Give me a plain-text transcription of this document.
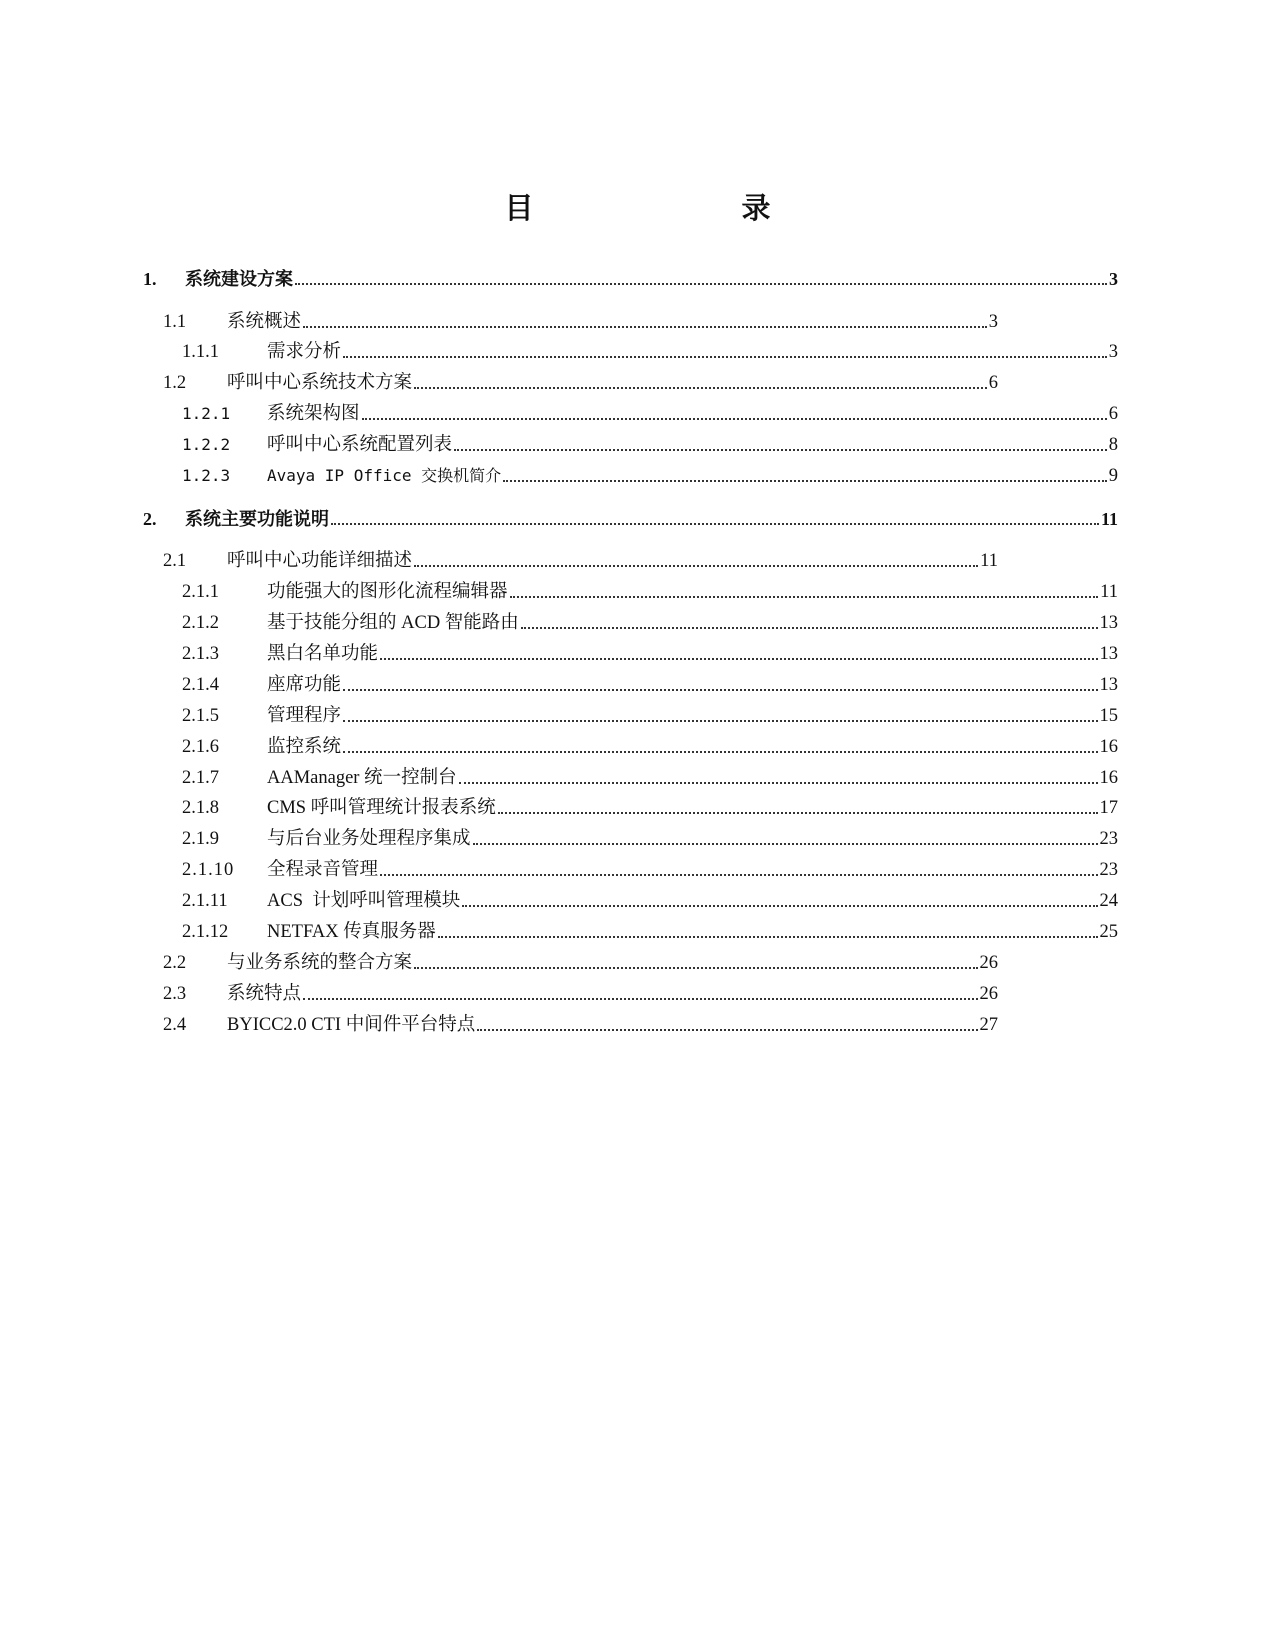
目　　录
1. 系统建设方案	3
1.1 系统概述	3
1.1.1	需求分析	3
1.2 呼叫中心系统技术方案	6
1.2.1 系统架构图	6
1.2.2 呼叫中心系统配置列表	8
1.2.3 Avaya IP Office 交换机简介	9
2. 系统主要功能说明	11
2.1 呼叫中心功能详细描述	11
2.1.1	功能强大的图形化流程编辑器	11
2.1.2	基于技能分组的 ACD 智能路由	13
2.1.3	黑白名单功能	13
2.1.4	座席功能	13
2.1.5	管理程序	15
2.1.6	监控系统	16
2.1.7	AAManager 统一控制台	16
2.1.8	CMS 呼叫管理统计报表系统	17
2.1.9	与后台业务处理程序集成	23
2.1.10 全程录音管理	23
2.1.11 ACS  计划呼叫管理模块	24
2.1.12 NETFAX 传真服务器	25
2.2 与业务系统的整合方案	26
2.3 系统特点	26
2.4 BYICC2.0 CTI 中间件平台特点	27
